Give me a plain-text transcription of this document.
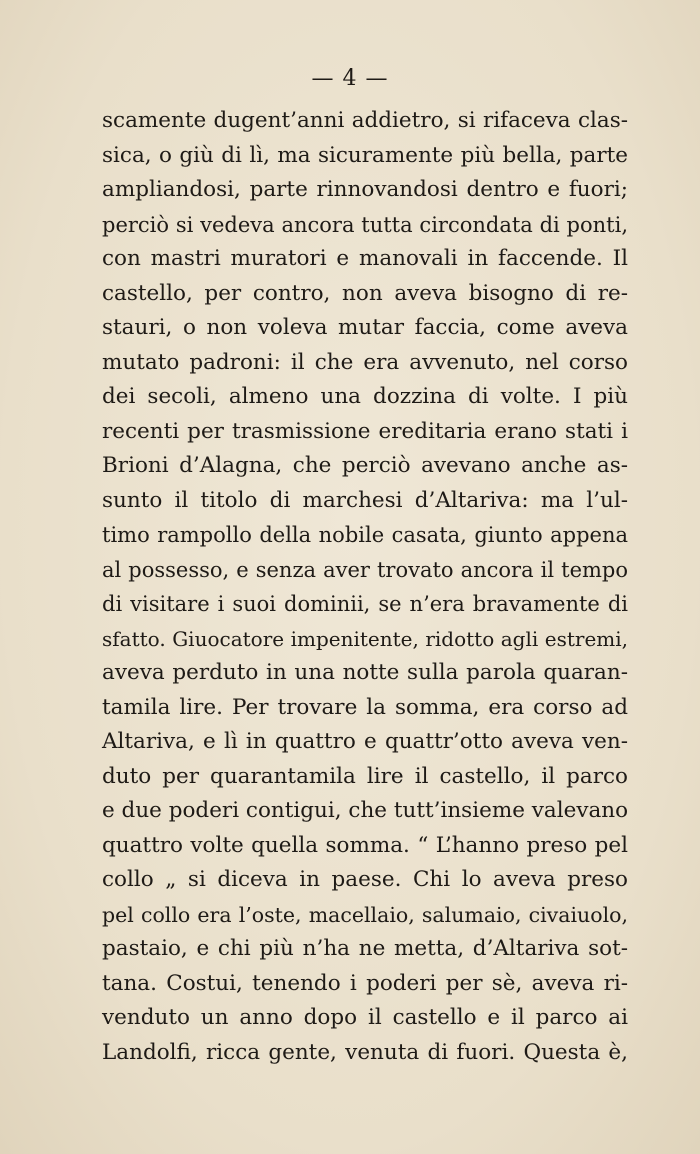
— 4 —
scamente dugent’anni addietro, si rifaceva clas-
sica, o giù di lì, ma sicuramente più bella, parte
ampliandosi, parte rinnovandosi dentro e fuori;
perciò si vedeva ancora tutta circondata di ponti,
con mastri muratori e manovali in faccende. Il
castello, per contro, non aveva bisogno di re-
stauri, o non voleva mutar faccia, come aveva
mutato padroni: il che era avvenuto, nel corso
dei secoli, almeno una dozzina di volte. I più
recenti per trasmissione ereditaria erano stati i
Brioni d’Alagna, che perciò avevano anche as-
sunto il titolo di marchesi d’Altariva: ma l’ul-
timo rampollo della nobile casata, giunto appena
al possesso, e senza aver trovato ancora il tempo
di visitare i suoi dominii, se n’era bravamente di
sfatto. Giuocatore impenitente, ridotto agli estremi,
aveva perduto in una notte sulla parola quaran-
tamila lire. Per trovare la somma, era corso ad
Altariva, e lì in quattro e quattr’otto aveva ven-
duto per quarantamila lire il castello, il parco
e due poderi contigui, che tutt’insieme valevano
quattro volte quella somma. “ L’hanno preso pel
collo „ si diceva in paese. Chi lo aveva preso
pel collo era l’oste, macellaio, salumaio, civaiuolo,
pastaio, e chi più n’ha ne metta, d’Altariva sot-
tana. Costui, tenendo i poderi per sè, aveva ri-
venduto un anno dopo il castello e il parco ai
Landolfi, ricca gente, venuta di fuori. Questa è,
